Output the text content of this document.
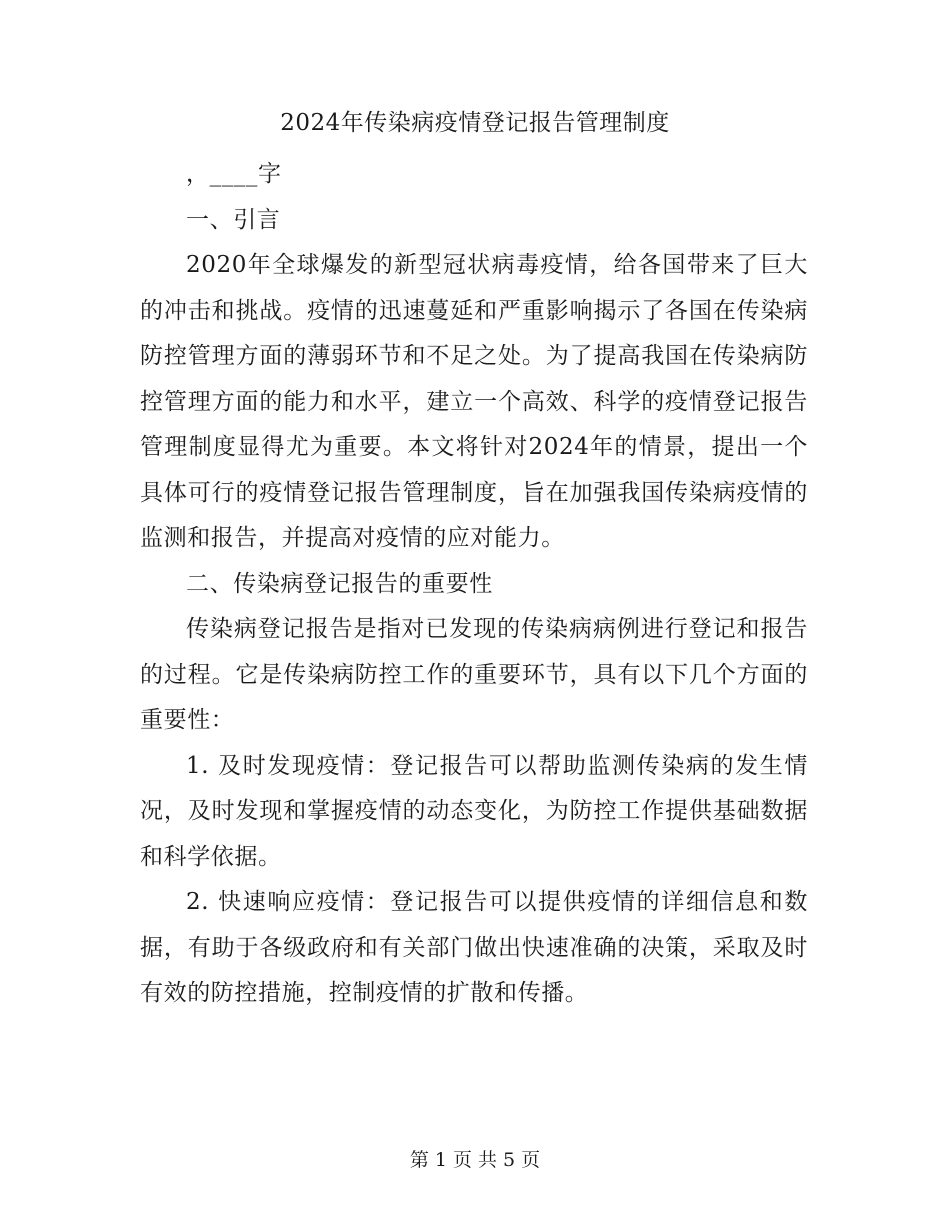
2024年传染病疫情登记报告管理制度

，____字

一、引言

2020年全球爆发的新型冠状病毒疫情，给各国带来了巨大的冲击和挑战。疫情的迅速蔓延和严重影响揭示了各国在传染病防控管理方面的薄弱环节和不足之处。为了提高我国在传染病防控管理方面的能力和水平，建立一个高效、科学的疫情登记报告管理制度显得尤为重要。本文将针对2024年的情景，提出一个具体可行的疫情登记报告管理制度，旨在加强我国传染病疫情的监测和报告，并提高对疫情的应对能力。

二、传染病登记报告的重要性

传染病登记报告是指对已发现的传染病病例进行登记和报告的过程。它是传染病防控工作的重要环节，具有以下几个方面的重要性：

1. 及时发现疫情：登记报告可以帮助监测传染病的发生情况，及时发现和掌握疫情的动态变化，为防控工作提供基础数据和科学依据。

2. 快速响应疫情：登记报告可以提供疫情的详细信息和数据，有助于各级政府和有关部门做出快速准确的决策，采取及时有效的防控措施，控制疫情的扩散和传播。

第 1 页 共 5 页
